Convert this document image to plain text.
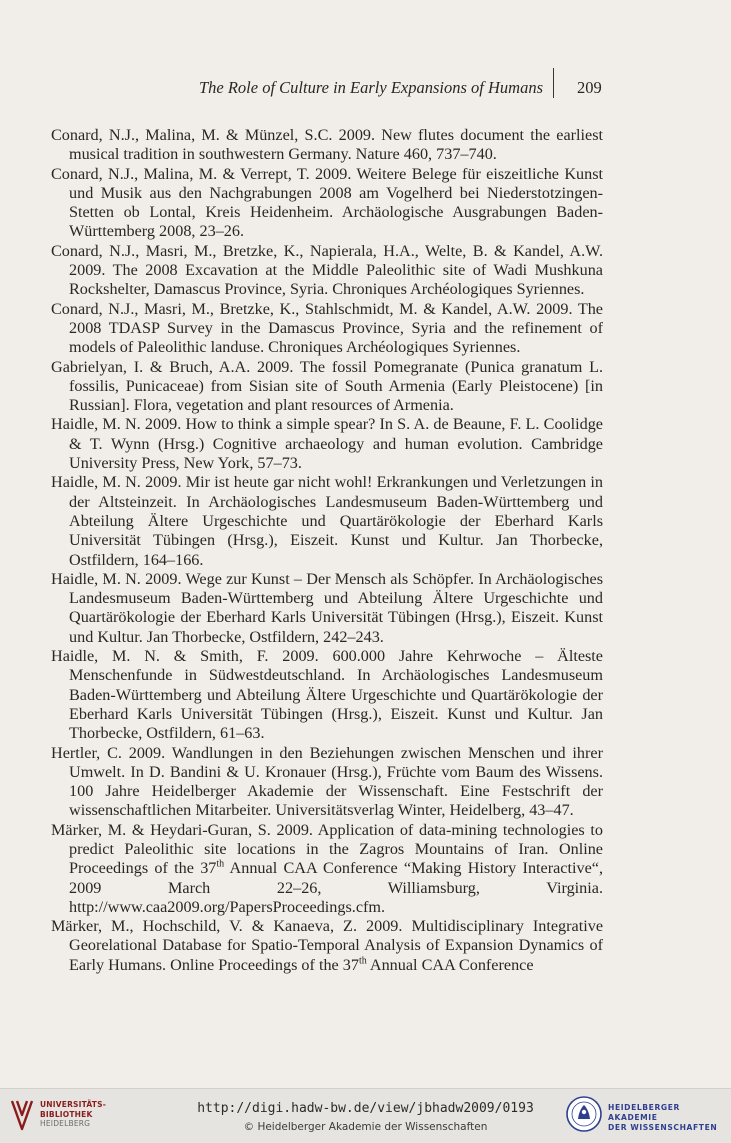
The Role of Culture in Early Expansions of Humans 209

Conard, N.J., Malina, M. & Münzel, S.C. 2009. New flutes document the earliest musical tradition in southwestern Germany. Nature 460, 737–740.

Conard, N.J., Malina, M. & Verrept, T. 2009. Weitere Belege für eiszeitliche Kunst und Musik aus den Nachgrabungen 2008 am Vogelherd bei Niederstotzingen-Stetten ob Lontal, Kreis Heidenheim. Archäologische Ausgrabungen Baden-Württemberg 2008, 23–26.

Conard, N.J., Masri, M., Bretzke, K., Napierala, H.A., Welte, B. & Kandel, A.W. 2009. The 2008 Excavation at the Middle Paleolithic site of Wadi Mushkuna Rockshelter, Damascus Province, Syria. Chroniques Archéologiques Syriennes.

Conard, N.J., Masri, M., Bretzke, K., Stahlschmidt, M. & Kandel, A.W. 2009. The 2008 TDASP Survey in the Damascus Province, Syria and the refinement of models of Paleolithic landuse. Chroniques Archéologiques Syriennes.

Gabrielyan, I. & Bruch, A.A. 2009. The fossil Pomegranate (Punica granatum L. fossilis, Punicaceae) from Sisian site of South Armenia (Early Pleistocene) [in Russian]. Flora, vegetation and plant resources of Armenia.

Haidle, M. N. 2009. How to think a simple spear? In S. A. de Beaune, F. L. Coolidge & T. Wynn (Hrsg.) Cognitive archaeology and human evolution. Cambridge University Press, New York, 57–73.

Haidle, M. N. 2009. Mir ist heute gar nicht wohl! Erkrankungen und Verletzungen in der Altsteinzeit. In Archäologisches Landesmuseum Baden-Württemberg und Abteilung Ältere Urgeschichte und Quartärökologie der Eberhard Karls Universität Tübingen (Hrsg.), Eiszeit. Kunst und Kultur. Jan Thorbecke, Ostfildern, 164–166.

Haidle, M. N. 2009. Wege zur Kunst – Der Mensch als Schöpfer. In Archäologisches Landesmuseum Baden-Württemberg und Abteilung Ältere Urgeschichte und Quartärökologie der Eberhard Karls Universität Tübingen (Hrsg.), Eiszeit. Kunst und Kultur. Jan Thorbecke, Ostfildern, 242–243.

Haidle, M. N. & Smith, F. 2009. 600.000 Jahre Kehrwoche – Älteste Menschenfunde in Südwestdeutschland. In Archäologisches Landesmuseum Baden-Württemberg und Abteilung Ältere Urgeschichte und Quartärökologie der Eberhard Karls Universität Tübingen (Hrsg.), Eiszeit. Kunst und Kultur. Jan Thorbecke, Ostfildern, 61–63.

Hertler, C. 2009. Wandlungen in den Beziehungen zwischen Menschen und ihrer Umwelt. In D. Bandini & U. Kronauer (Hrsg.), Früchte vom Baum des Wissens. 100 Jahre Heidelberger Akademie der Wissenschaft. Eine Festschrift der wissenschaftlichen Mitarbeiter. Universitätsverlag Winter, Heidelberg, 43–47.

Märker, M. & Heydari-Guran, S. 2009. Application of data-mining technologies to predict Paleolithic site locations in the Zagros Mountains of Iran. Online Proceedings of the 37th Annual CAA Conference “Making History Interactive“, 2009 March 22–26, Williamsburg, Virginia. http://www.caa2009.org/PapersProceedings.cfm.

Märker, M., Hochschild, V. & Kanaeva, Z. 2009. Multidisciplinary Integrative Georelational Database for Spatio-Temporal Analysis of Expansion Dynamics of Early Humans. Online Proceedings of the 37th Annual CAA Conference

UNIVERSITÄTS-
BIBLIOTHEK
HEIDELBERG
http://digi.hadw-bw.de/view/jbhadw2009/0193
© Heidelberger Akademie der Wissenschaften
HEIDELBERGER AKADEMIE
DER WISSENSCHAFTEN
